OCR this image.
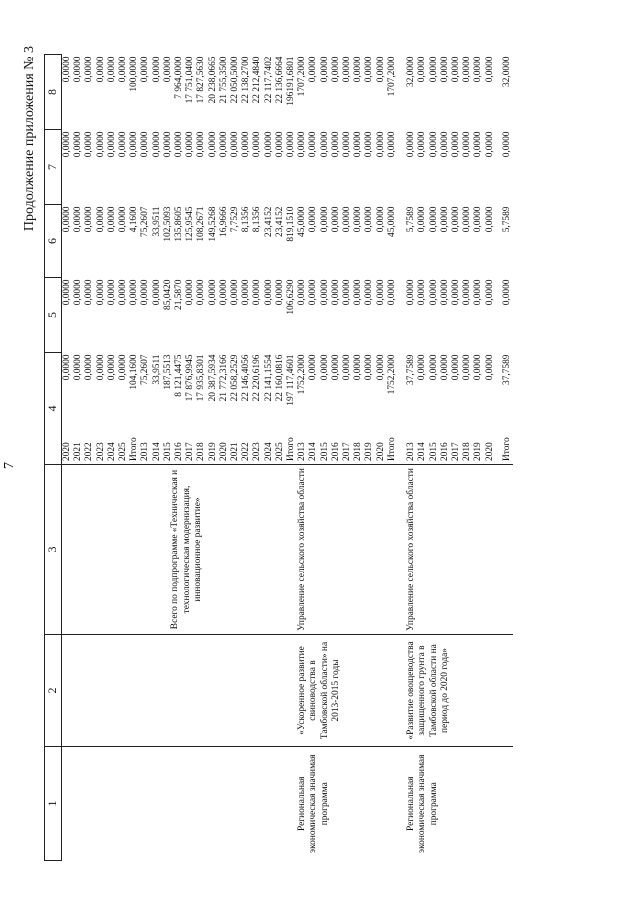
7
Продолжение приложения № 3
1	2	3	4		5	6	7	8
			2020	0,0000	0,0000	0,0000	0,0000	0,0000
			2021	0,0000	0,0000	0,0000	0,0000	0,0000
			2022	0,0000	0,0000	0,0000	0,0000	0,0000
			2023	0,0000	0,0000	0,0000	0,0000	0,0000
			2024	0,0000	0,0000	0,0000	0,0000	0,0000
			2025	0,0000	0,0000	0,0000	0,0000	0,0000
			Итого	104,1600	0,0000	4,1600	0,0000	100,0000
		Всего по подпрограмме «Техническая и технологическая модернизация, инновационное развитие»	2013	75,2607	0,0000	75,2607	0,0000	0,0000
			2014	33,9511	0,0000	33,9511	0,0000	0,0000
			2015	187,5513	85,0420	102,5093	0,0000	0,0000
			2016	8 121,4475	21,5870	135,8605	0,0000	7 964,0000
			2017	17 876,9945	0,0000	125,9545	0,0000	17 751,0400
			2018	17 935,8301	0,0000	108,2671	0,0000	17 827,5630
			2019	20 387,5934	0,0000	149,5268	0,0000	20 238,0665
			2020	21 772,3166	0,0000	16,9666	0,0000	21 755,3500
			2021	22 058,2529	0,0000	7,7529	0,0000	22 050,5000
			2022	22 146,4056	0,0000	8,1356	0,0000	22 138,2700
			2023	22 220,6196	0,0000	8,1356	0,0000	22 212,4840
			2024	22 141,1554	0,0000	23,4152	0,0000	22 117,7402
			2025	22 160,0816	0,0000	23,4152	0,0000	22 136,6664
			Итого	197 117,4601	106,6290	819,1510	0,0000	196191,6801
Региональная экономическая значимая программа	«Ускоренное развитие свиноводства в Тамбовской области» на 2013-2015 годы	Управление сельского хозяйства области	2013	1752,2000	0,0000	45,0000	0,0000	1707,2000
			2014	0,0000	0,0000	0,0000	0,0000	0,0000
			2015	0,0000	0,0000	0,0000	0,0000	0,0000
			2016	0,0000	0,0000	0,0000	0,0000	0,0000
			2017	0,0000	0,0000	0,0000	0,0000	0,0000
			2018	0,0000	0,0000	0,0000	0,0000	0,0000
			2019	0,0000	0,0000	0,0000	0,0000	0,0000
			2020	0,0000	0,0000	0,0000	0,0000	0,0000
			Итого	1752,2000	0,0000	45,0000	0,0000	1707,2000

Региональная экономическая значимая программа	«Развитие овощеводства защищенного грунта в Тамбовской области на период до 2020 года»	Управление сельского хозяйства области	2013	37,7589	0,0000	5,7589	0,0000	32,0000
			2014	0,0000	0,0000	0,0000	0,0000	0,0000
			2015	0,0000	0,0000	0,0000	0,0000	0,0000
			2016	0,0000	0,0000	0,0000	0,0000	0,0000
			2017	0,0000	0,0000	0,0000	0,0000	0,0000
			2018	0,0000	0,0000	0,0000	0,0000	0,0000
			2019	0,0000	0,0000	0,0000	0,0000	0,0000
			2020	0,0000	0,0000	0,0000	0,0000	0,0000
			Итого	37,7589	0,0000	5,7589	0,0000	32,0000
